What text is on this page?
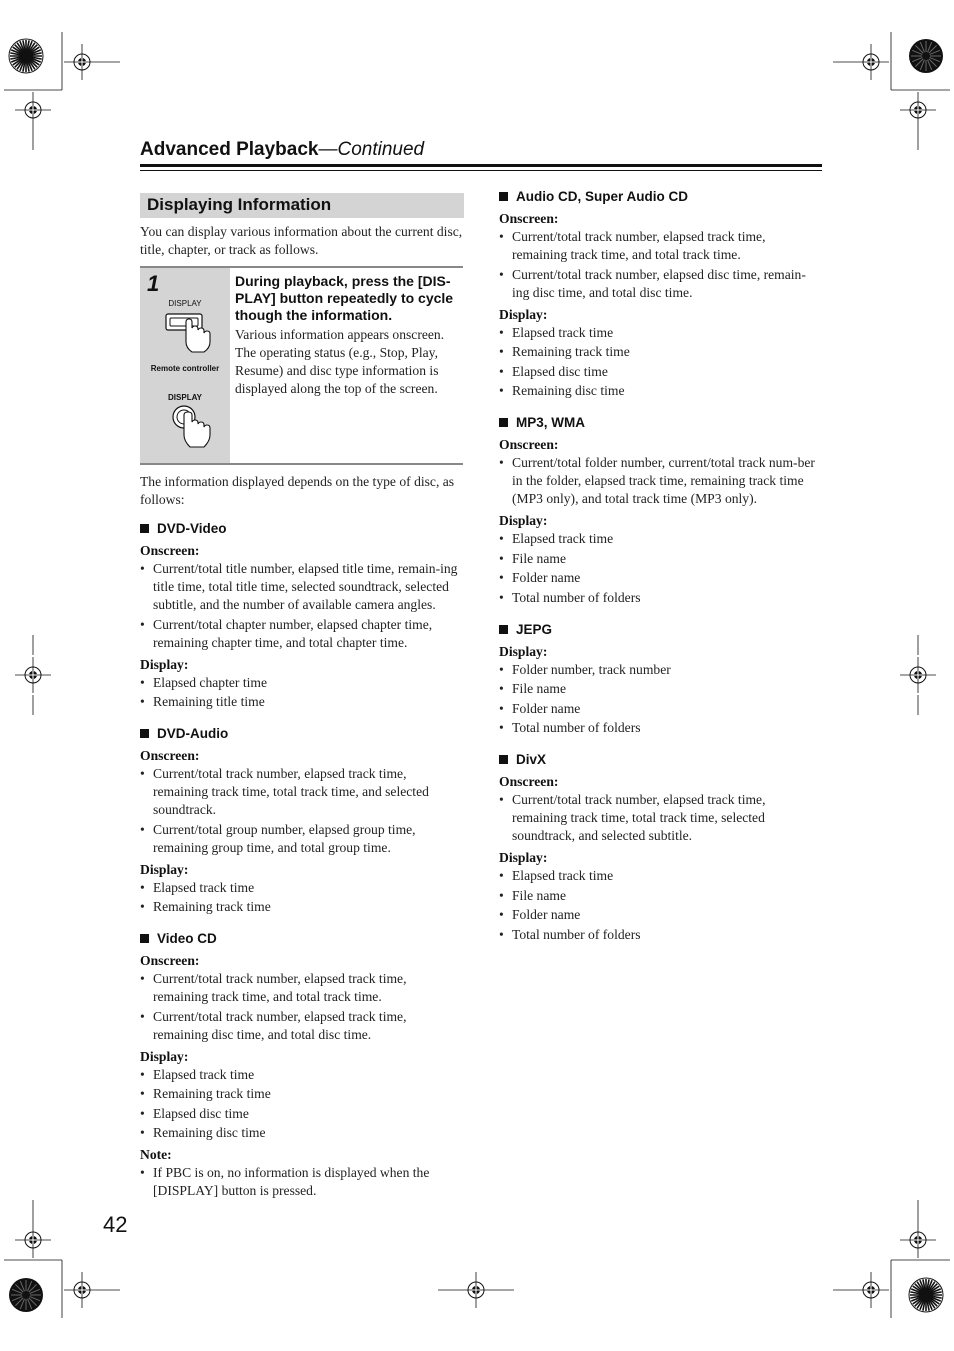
Advanced Playback—Continued
Displaying Information
You can display various information about the current disc, title, chapter, or track as follows.
1
DISPLAY
Remote controller
DISPLAY
During playback, press the [DIS-PLAY] button repeatedly to cycle though the information.
Various information appears onscreen. The operating status (e.g., Stop, Play, Resume) and disc type information is displayed along the top of the screen.
The information displayed depends on the type of disc, as follows:
DVD-Video
Onscreen:
• Current/total title number, elapsed title time, remain-ing title time, total title time, selected soundtrack, selected subtitle, and the number of available camera angles.
• Current/total chapter number, elapsed chapter time, remaining chapter time, and total chapter time.
Display:
• Elapsed chapter time
• Remaining title time
DVD-Audio
Onscreen:
• Current/total track number, elapsed track time, remaining track time, total track time, and selected soundtrack.
• Current/total group number, elapsed group time, remaining group time, and total group time.
Display:
• Elapsed track time
• Remaining track time
Video CD
Onscreen:
• Current/total track number, elapsed track time, remaining track time, and total track time.
• Current/total track number, elapsed track time, remaining disc time, and total disc time.
Display:
• Elapsed track time
• Remaining track time
• Elapsed disc time
• Remaining disc time
Note:
• If PBC is on, no information is displayed when the [DISPLAY] button is pressed.
Audio CD, Super Audio CD
Onscreen:
• Current/total track number, elapsed track time, remaining track time, and total track time.
• Current/total track number, elapsed disc time, remain-ing disc time, and total disc time.
Display:
• Elapsed track time
• Remaining track time
• Elapsed disc time
• Remaining disc time
MP3, WMA
Onscreen:
• Current/total folder number, current/total track num-ber in the folder, elapsed track time, remaining track time (MP3 only), and total track time (MP3 only).
Display:
• Elapsed track time
• File name
• Folder name
• Total number of folders
JEPG
Display:
• Folder number, track number
• File name
• Folder name
• Total number of folders
DivX
Onscreen:
• Current/total track number, elapsed track time, remaining track time, total track time, selected soundtrack, and selected subtitle.
Display:
• Elapsed track time
• File name
• Folder name
• Total number of folders
42
